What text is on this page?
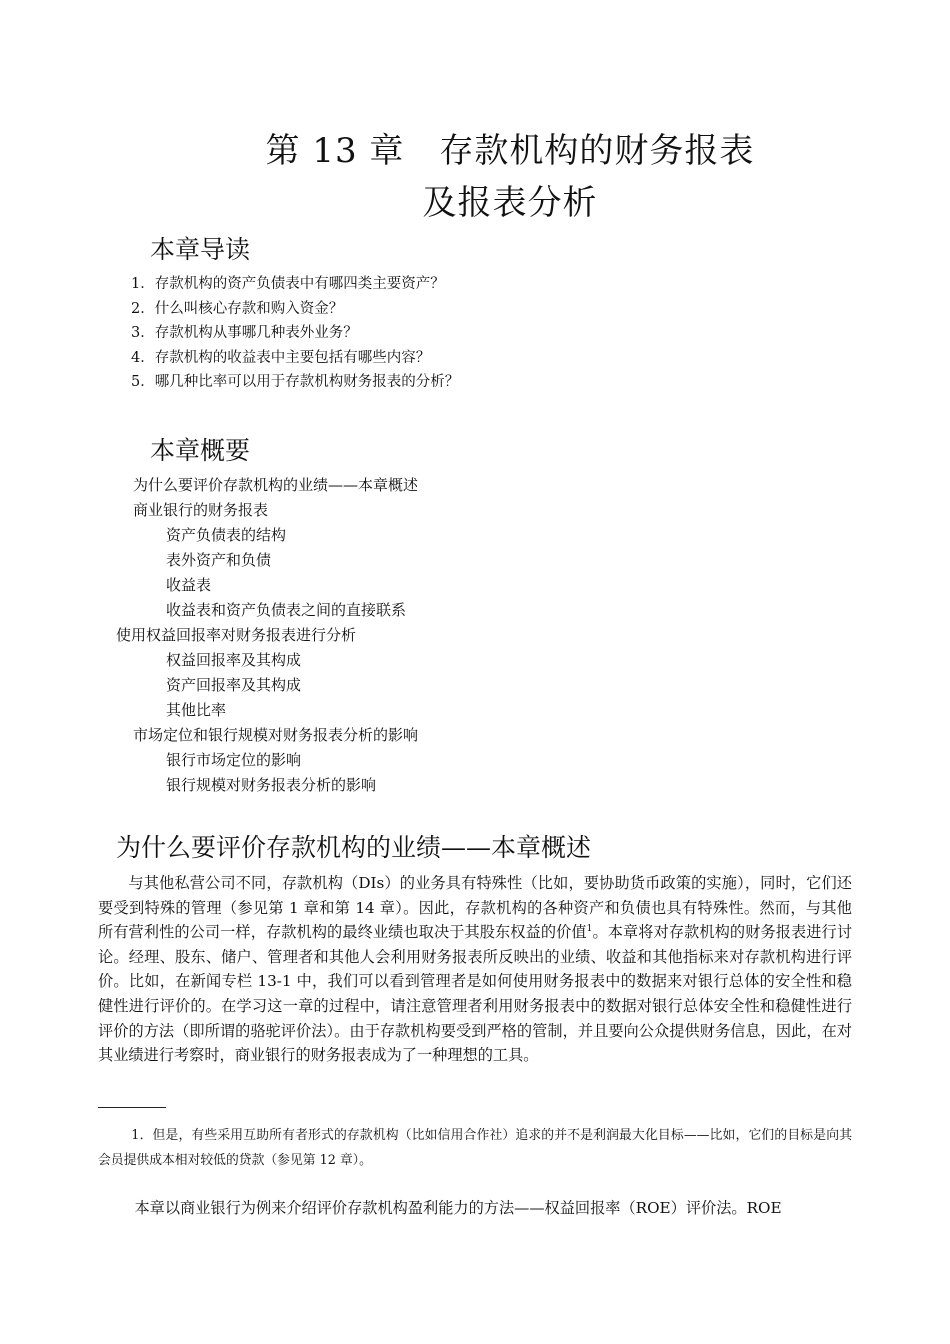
第 13 章　存款机构的财务报表
及报表分析
本章导读
1．存款机构的资产负债表中有哪四类主要资产？
2．什么叫核心存款和购入资金？
3．存款机构从事哪几种表外业务？
4．存款机构的收益表中主要包括有哪些内容？
5．哪几种比率可以用于存款机构财务报表的分析？
本章概要
为什么要评价存款机构的业绩——本章概述
商业银行的财务报表
资产负债表的结构
表外资产和负债
收益表
收益表和资产负债表之间的直接联系
使用权益回报率对财务报表进行分析
权益回报率及其构成
资产回报率及其构成
其他比率
市场定位和银行规模对财务报表分析的影响
银行市场定位的影响
银行规模对财务报表分析的影响
为什么要评价存款机构的业绩——本章概述

与其他私营公司不同，存款机构（DIs）的业务具有特殊性（比如，要协助货币政策的实施），同时，它们还要受到特殊的管理（参见第 1 章和第 14 章）。因此，存款机构的各种资产和负债也具有特殊性。然而，与其他所有营利性的公司一样，存款机构的最终业绩也取决于其股东权益的价值$^1$。本章将对存款机构的财务报表进行讨论。经理、股东、储户、管理者和其他人会利用财务报表所反映出的业绩、收益和其他指标来对存款机构进行评价。比如，在新闻专栏 13-1 中，我们可以看到管理者是如何使用财务报表中的数据来对银行总体的安全性和稳健性进行评价的。在学习这一章的过程中，请注意管理者利用财务报表中的数据对银行总体安全性和稳健性进行评价的方法（即所谓的骆驼评价法）。由于存款机构要受到严格的管制，并且要向公众提供财务信息，因此，在对其业绩进行考察时，商业银行的财务报表成为了一种理想的工具。

1．但是，有些采用互助所有者形式的存款机构（比如信用合作社）追求的并不是利润最大化目标——比如，它们的目标是向其会员提供成本相对较低的贷款（参见第 12 章）。

本章以商业银行为例来介绍评价存款机构盈利能力的方法——权益回报率（ROE）评价法。ROE
